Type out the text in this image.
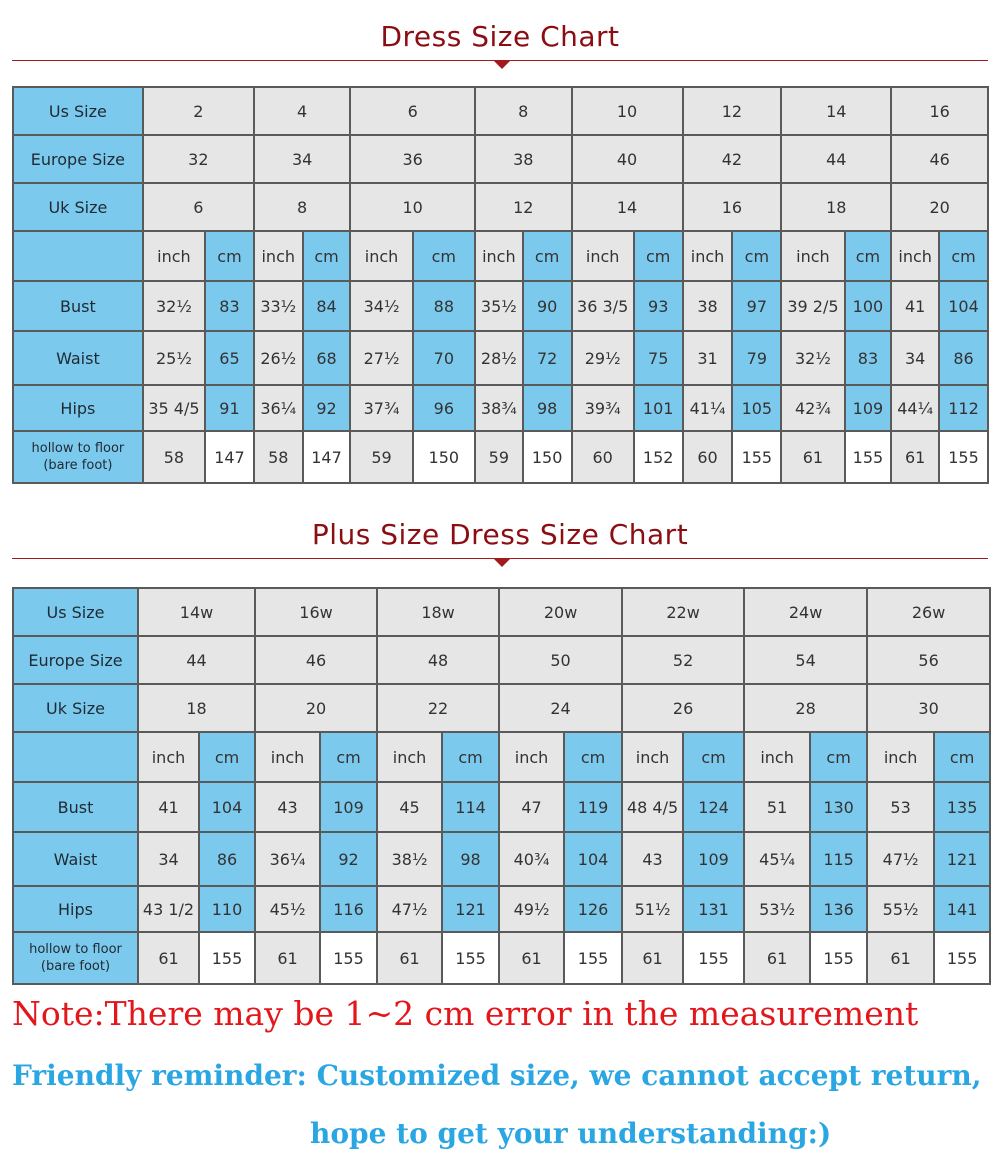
Dress Size Chart
Us Size	2		4		6		8		10		12		14		16	
Europe Size	32		34		36		38		40		42		44		46	
Uk Size	6		8		10		12		14		16		18		20	
	inch	cm	inch	cm	inch	cm	inch	cm	inch	cm	inch	cm	inch	cm	inch	cm
Bust	32½	83	33½	84	34½	88	35½	90	36 3/5	93	38	97	39 2/5	100	41	104
Waist	25½	65	26½	68	27½	70	28½	72	29½	75	31	79	32½	83	34	86
Hips	35 4/5	91	36¼	92	37¾	96	38¾	98	39¾	101	41¼	105	42¾	109	44¼	112
hollow to floor
(bare foot)	58	147	58	147	59	150	59	150	60	152	60	155	61	155	61	155
Plus Size Dress Size Chart
Us Size	14w		16w		18w		20w		22w		24w		26w	
Europe Size	44		46		48		50		52		54		56	
Uk Size	18		20		22		24		26		28		30	
	inch	cm	inch	cm	inch	cm	inch	cm	inch	cm	inch	cm	inch	cm
Bust	41	104	43	109	45	114	47	119	48 4/5	124	51	130	53	135
Waist	34	86	36¼	92	38½	98	40¾	104	43	109	45¼	115	47½	121
Hips	43 1/2	110	45½	116	47½	121	49½	126	51½	131	53½	136	55½	141
hollow to floor
(bare foot)	61	155	61	155	61	155	61	155	61	155	61	155	61	155
Note:There may be 1~2 cm error in the measurement
Friendly reminder: Customized size, we cannot accept return,
hope to get your understanding:)
